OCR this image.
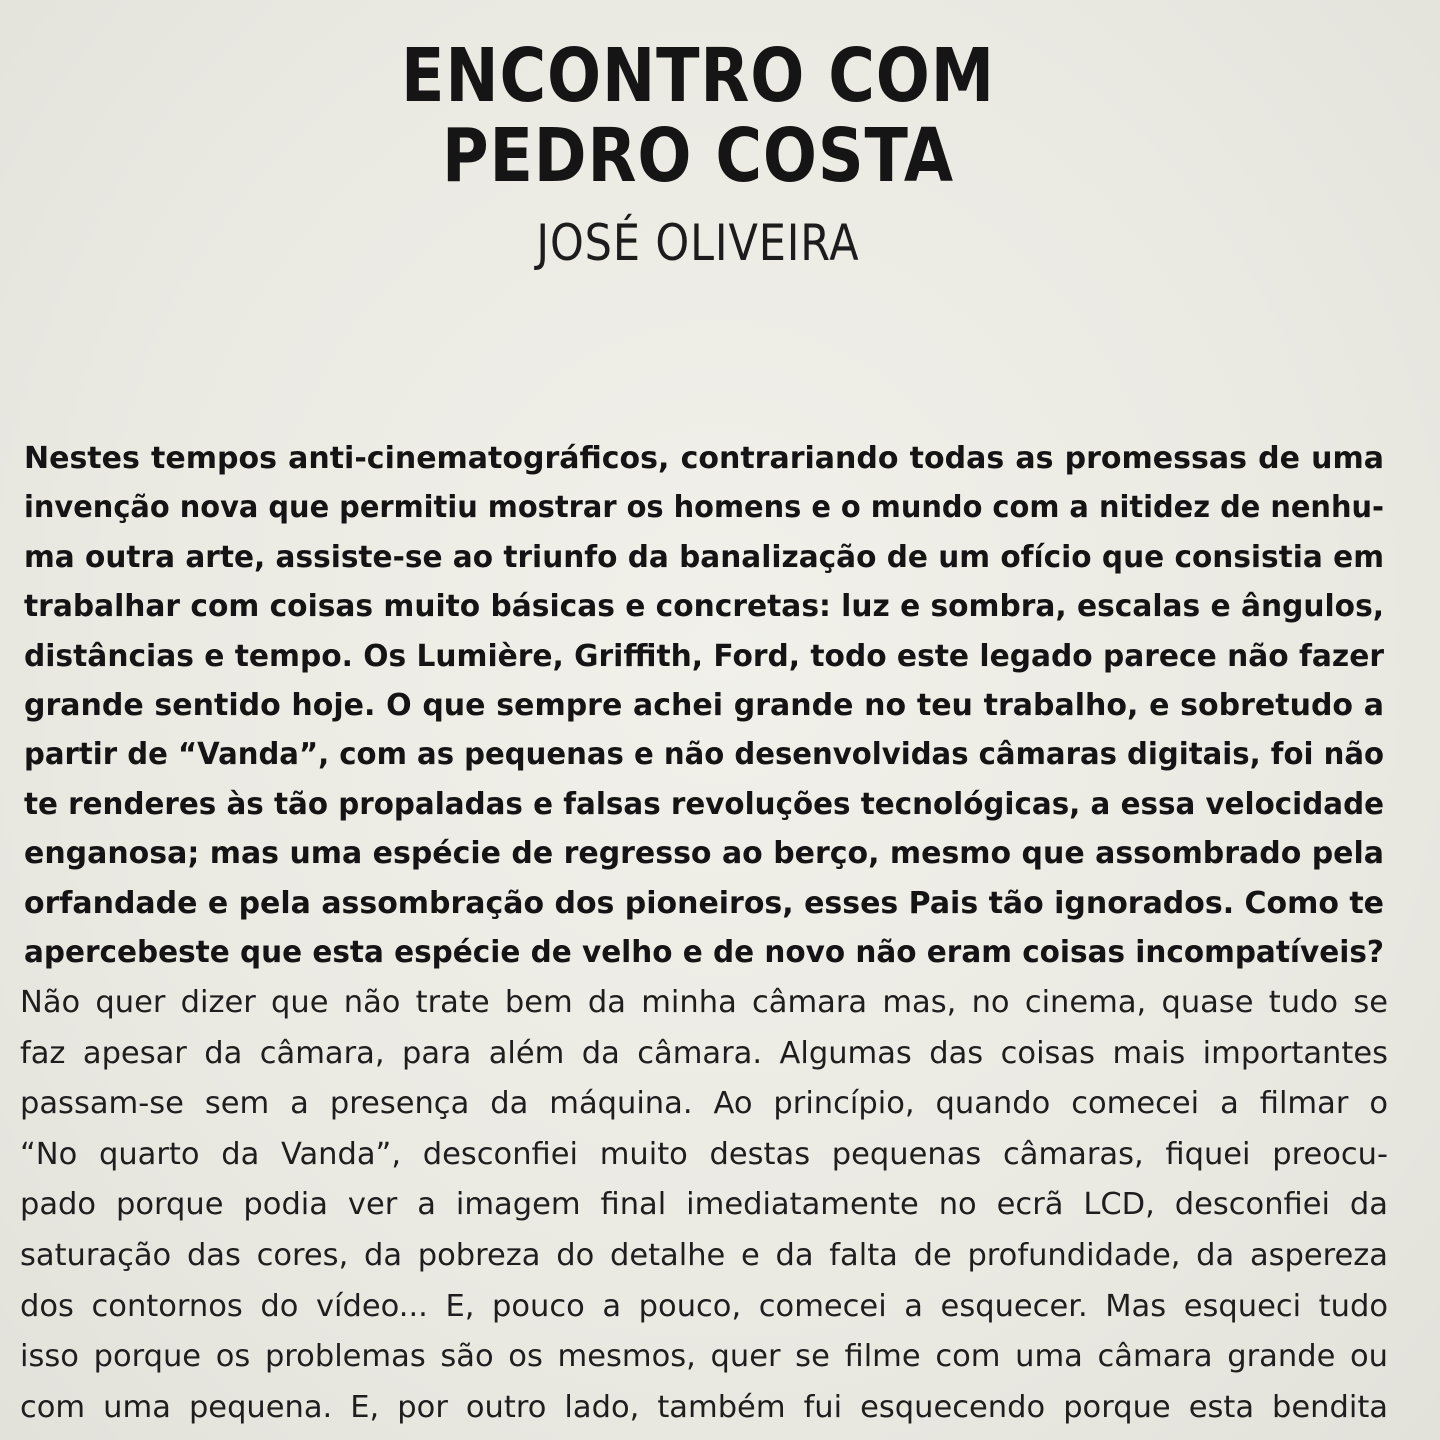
ENCONTRO COM
PEDRO COSTA
JOSÉ OLIVEIRA
Nestes tempos anti-cinematográficos, contrariando todas as promessas de uma
invenção nova que permitiu mostrar os homens e o mundo com a nitidez de nenhu-
ma outra arte, assiste-se ao triunfo da banalização de um ofício que consistia em
trabalhar com coisas muito básicas e concretas: luz e sombra, escalas e ângulos,
distâncias e tempo. Os Lumière, Griffith, Ford, todo este legado parece não fazer
grande sentido hoje. O que sempre achei grande no teu trabalho, e sobretudo a
partir de “Vanda”, com as pequenas e não desenvolvidas câmaras digitais, foi não
te renderes às tão propaladas e falsas revoluções tecnológicas, a essa velocidade
enganosa; mas uma espécie de regresso ao berço, mesmo que assombrado pela
orfandade e pela assombração dos pioneiros, esses Pais tão ignorados. Como te
apercebeste que esta espécie de velho e de novo não eram coisas incompatíveis?
Não quer dizer que não trate bem da minha câmara mas, no cinema, quase tudo se
faz apesar da câmara, para além da câmara. Algumas das coisas mais importantes
passam-se sem a presença da máquina. Ao princípio, quando comecei a filmar o
“No quarto da Vanda”, desconfiei muito destas pequenas câmaras, fiquei preocu-
pado porque podia ver a imagem final imediatamente no ecrã LCD, desconfiei da
saturação das cores, da pobreza do detalhe e da falta de profundidade, da aspereza
dos contornos do vídeo... E, pouco a pouco, comecei a esquecer. Mas esqueci tudo
isso porque os problemas são os mesmos, quer se filme com uma câmara grande ou
com uma pequena. E, por outro lado, também fui esquecendo porque esta bendita
